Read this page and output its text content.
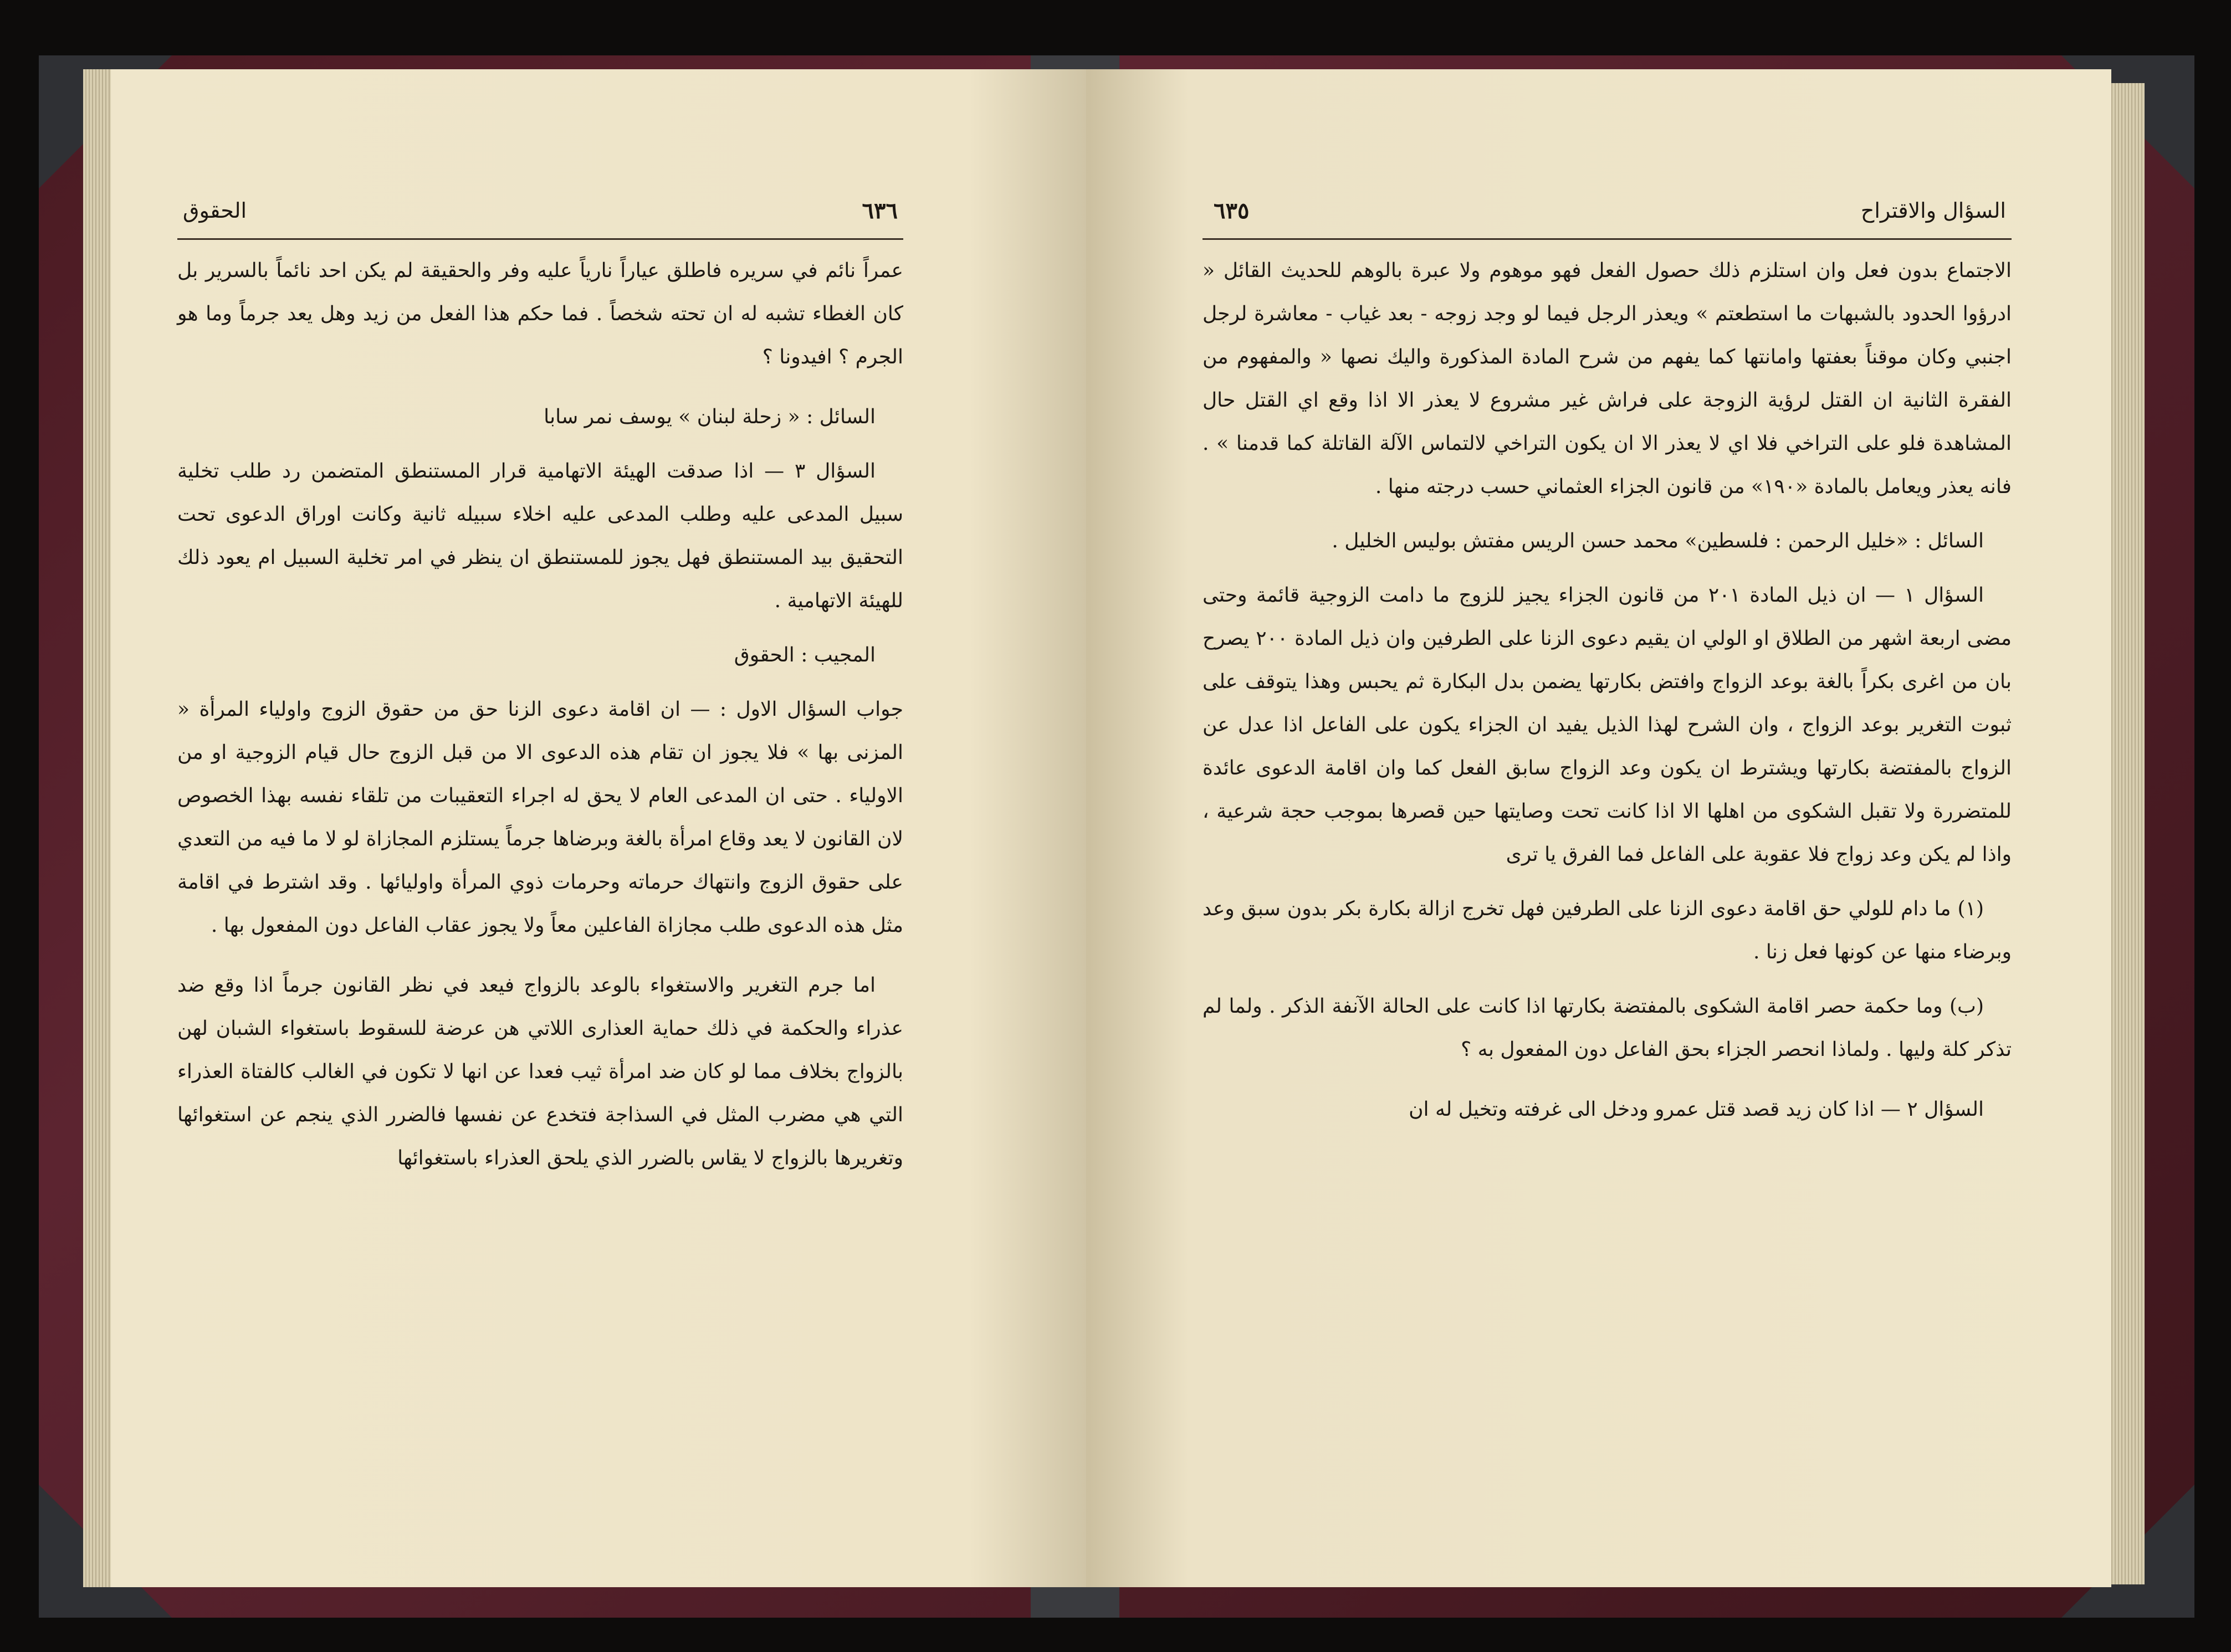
٦٣٦
الحقوق

عمراً نائم في سريره فاطلق عياراً نارياً عليه وفر والحقيقة لم يكن احد نائماً بالسرير بل كان الغطاء تشبه له ان تحته شخصاً . فما حكم هذا الفعل من زيد وهل يعد جرماً وما هو الجرم ؟ افيدونا ؟

السائل : « زحلة لبنان » يوسف نمر سابا

السؤال ٣ — اذا صدقت الهيئة الاتهامية قرار المستنطق المتضمن رد طلب تخلية سبيل المدعى عليه وطلب المدعى عليه اخلاء سبيله ثانية وكانت اوراق الدعوى تحت التحقيق بيد المستنطق فهل يجوز للمستنطق ان ينظر في امر تخلية السبيل ام يعود ذلك للهيئة الاتهامية .

المجيب : الحقوق

جواب السؤال الاول : — ان اقامة دعوى الزنا حق من حقوق الزوج واولياء المرأة « المزنى بها » فلا يجوز ان تقام هذه الدعوى الا من قبل الزوج حال قيام الزوجية او من الاولياء . حتى ان المدعى العام لا يحق له اجراء التعقيبات من تلقاء نفسه بهذا الخصوص لان القانون لا يعد وقاع امرأة بالغة وبرضاها جرماً يستلزم المجازاة لو لا ما فيه من التعدي على حقوق الزوج وانتهاك حرماته وحرمات ذوي المرأة واوليائها . وقد اشترط في اقامة مثل هذه الدعوى طلب مجازاة الفاعلين معاً ولا يجوز عقاب الفاعل دون المفعول بها .

اما جرم التغرير والاستغواء بالوعد بالزواج فيعد في نظر القانون جرماً اذا وقع ضد عذراء والحكمة في ذلك حماية العذارى اللاتي هن عرضة للسقوط باستغواء الشبان لهن بالزواج بخلاف مما لو كان ضد امرأة ثيب فعدا عن انها لا تكون في الغالب كالفتاة العذراء التي هي مضرب المثل في السذاجة فتخدع عن نفسها فالضرر الذي ينجم عن استغوائها وتغريرها بالزواج لا يقاس بالضرر الذي يلحق العذراء باستغوائها

السؤال والاقتراح
٦٣٥

الاجتماع بدون فعل وان استلزم ذلك حصول الفعل فهو موهوم ولا عبرة بالوهم للحديث القائل « ادرؤوا الحدود بالشبهات ما استطعتم » ويعذر الرجل فيما لو وجد زوجه - بعد غياب - معاشرة لرجل اجنبي وكان موقناً بعفتها وامانتها كما يفهم من شرح المادة المذكورة واليك نصها « والمفهوم من الفقرة الثانية ان القتل لرؤية الزوجة على فراش غير مشروع لا يعذر الا اذا وقع اي القتل حال المشاهدة فلو على التراخي فلا اي لا يعذر الا ان يكون التراخي لالتماس الآلة القاتلة كما قدمنا » . فانه يعذر ويعامل بالمادة «١٩٠» من قانون الجزاء العثماني حسب درجته منها .

السائل : «خليل الرحمن : فلسطين» محمد حسن الريس مفتش بوليس الخليل .

السؤال ١ — ان ذيل المادة ٢٠١ من قانون الجزاء يجيز للزوج ما دامت الزوجية قائمة وحتى مضى اربعة اشهر من الطلاق او الولي ان يقيم دعوى الزنا على الطرفين وان ذيل المادة ٢٠٠ يصرح بان من اغرى بكراً بالغة بوعد الزواج وافتض بكارتها يضمن بدل البكارة ثم يحبس وهذا يتوقف على ثبوت التغرير بوعد الزواج ، وان الشرح لهذا الذيل يفيد ان الجزاء يكون على الفاعل اذا عدل عن الزواج بالمفتضة بكارتها ويشترط ان يكون وعد الزواج سابق الفعل كما وان اقامة الدعوى عائدة للمتضررة ولا تقبل الشكوى من اهلها الا اذا كانت تحت وصايتها حين قصرها بموجب حجة شرعية ، واذا لم يكن وعد زواج فلا عقوبة على الفاعل فما الفرق يا ترى

(١) ما دام للولي حق اقامة دعوى الزنا على الطرفين فهل تخرج ازالة بكارة بكر بدون سبق وعد وبرضاء منها عن كونها فعل زنا .

(ب) وما حكمة حصر اقامة الشكوى بالمفتضة بكارتها اذا كانت على الحالة الآنفة الذكر . ولما لم تذكر كلة وليها . ولماذا انحصر الجزاء بحق الفاعل دون المفعول به ؟

السؤال ٢ — اذا كان زيد قصد قتل عمرو ودخل الى غرفته وتخيل له ان
